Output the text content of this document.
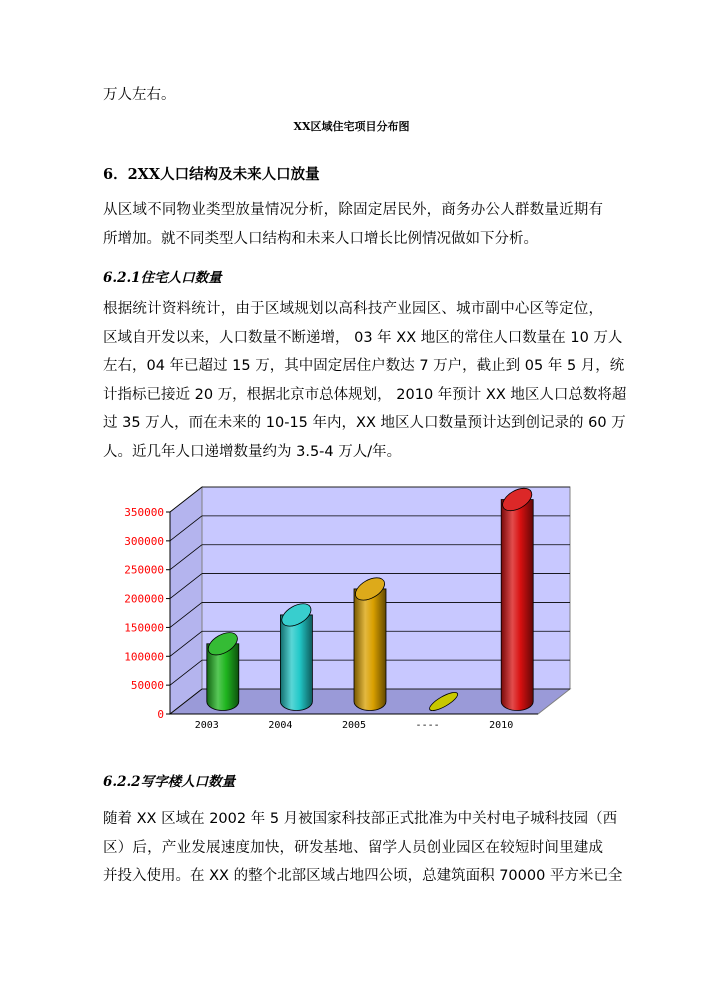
万人左右。

XX区域住宅项目分布图

6．2XX人口结构及未来人口放量

从区域不同物业类型放量情况分析，除固定居民外，商务办公人群数量近期有
所增加。就不同类型人口结构和未来人口增长比例情况做如下分析。

6.2.1住宅人口数量

根据统计资料统计，由于区域规划以高科技产业园区、城市副中心区等定位，
区域自开发以来，人口数量不断递增， 03 年 XX 地区的常住人口数量在 10 万人
左右，04 年已超过 15 万，其中固定居住户数达 7 万户，截止到 05 年 5 月，统
计指标已接近 20 万，根据北京市总体规划， 2010 年预计 XX 地区人口总数将超
过 35 万人，而在未来的 10-15 年内，XX 地区人口数量预计达到创记录的 60 万
人。近几年人口递增数量约为 3.5-4 万人/年。

0
50000
100000
150000
200000
250000
300000
350000
2003	2004	2005	----	2010

6.2.2写字楼人口数量

随着 XX 区域在 2002 年 5 月被国家科技部正式批准为中关村电子城科技园（西
区）后，产业发展速度加快，研发基地、留学人员创业园区在较短时间里建成
并投入使用。在 XX 的整个北部区域占地四公顷，总建筑面积 70000 平方米已全
